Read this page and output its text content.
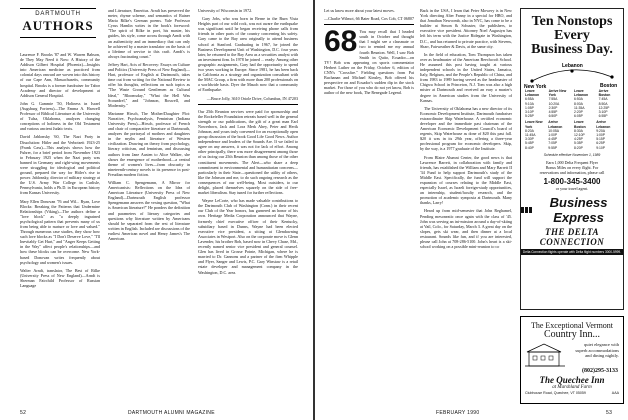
DARTMOUTH
AUTHORS

Laurence F. Brooks '87 and W. Warren Babson, de They May Need it Now: A History of the Addison Gilbert Hospital (Phoenix)—Insights into American medicine as practiced from colonial days onward are woven into this history of our Cape Ann, Massachusetts, community hospital. Brooks is a former fundraiser for Tabor Academy and director of development at Addison General Hospital.

John G. Gammie '50, Holiness in Israel (Augsburg Fortress)—The Emma A. Harwell Professor of Biblical Literature at the University of Tulsa, Oklahoma, analyzes changing conceptions of holiness in the Old Testament and various ancient Judaic texts.

David Jablonsky '60, The Nazi Party in Dissolution: Hitler and the Verbotzeit 1923-25 (Frank Cass)—This analysis shows how the Fuhrer, for a brief period from November 1923 to February 1925 when the Nazi party was banned in Germany and right-wing movements were struggling for ideological and political ground, prepared the way for Hitler's rise to power. Jablonsky, director of military strategy at the U.S. Army War College in Carlisle, Pennsylvania, holds a Ph.D. in European history from Kansas University.

Mary Ellen Donovan '76 and Wil... Ryan, Love Blocks: Breaking the Patterns that Undermine Relationships (Viking)—The authors define a "love block" as "a deeply ingrained psychological pattern that prevents many of us from being able to nurture or love and valued." Through numerous case studies, they show how such love blocks as "I Don't Deserve Love," "I'll Inevitably Get Hurt," and "Anger Keeps Getting in the Way" affect people's relationships—and how these blocks can be overcome. New York-based Donovan writes frequently about psychology and women's issues.

Walter Arndt, translator, The Best of Rilke (University Press of New England)—Arndt is Sherman Fairchild Professor of Russian Language

and Literature, Emeritus. Arndt has preserved the meter, rhyme scheme, and semantics of Rainer Maria Rilke's German poems. Yale Professor Cyrus Hamlin writes in the book's foreword: "The spirit of Rilke in poet, his master, his guides, his style, come across through Arndt with an authenticity and an immediacy that can only be achieved by a master translator on the basis of a lifetime of service to this craft. Arndt's is always fascinating count."

Jeffrey Hart, Acts of Recovery: Essays on Culture and Politics (University Press of New England)—Hart, professor of English at Dartmouth, takes time out from writing for the National Review to offer his thoughts, reflections on such topics as "The Waste Ground Gentlemen as Cultural Ideal," "Bloomsday," "What the Hell Was Scoundrel," and "Johnson, Boswell, and Modernity."

Marianne Hirsch, The Mother/Daughter Plot: Narrative, Psychoanalysis, Feminism (Indiana University Press)—Hirsch, professor of French and chair of comparative literature at Dartmouth, analyzes the portrayal of mothers and daughters in the myths and literature of Western civilization. Drawing on theory from psychology, literary criticism, and feminism, and discussing authors from Jane Austen to Alice Walker, she shows the emergence of motherhood—a central theme of women's lives—from obscurity in nineteenth-century novels to its presence in post-Freudian modern fiction.

William C. Spengemann, A Mirror for Americanists: Reflections on the Idea of American Literature (University Press of New England)—Dartmouth English professor Spengemann answers the vexing question, "What is American literature?" He ponders the definition and parameters of literary categories and questions why literature written by Americans should be separated from the rest of literature written in English. Included are discussions of the earliest American novel and Henry James's The American.

University of Wisconsin in 1972.

Gary Jobs, who was born in Berne in the Burn Vista Heights part of our wild rock, was not aware the earthquake was significant until he began receiving phone calls from friends in other parts of the country concerning his safety. Gary came to the Bay area originally to attend business school at Stanford. Graduating in 1967, he joined the Business Development Unit of Washington, D.C. four years later, he returned to the Bay Area as a securities analyst with an investment firm. In 1978 he joined ... ready: Among other geographic assignments, Gary had the opportunity to spend two years working in Europe. Since 1981, he has been back in California as a strategy and organization consultant with the MAC Group, a firm with more than 200 professionals on a worldwide basis. Dyer the Mauch now that a community of Earthquake.

—Bruce Jolly, 3610 Oriole Drive, Columbus, IN 47203

Our 25th Reunion services were paid for sponsorship and the Rockefeller Foundation retreats based well in the general strength or our publications, the gift of a great man Earl Nowerhorn, Jack and Lora Merk Ahey, Peter and Herik Johnson, and yours truly convened for an exceptionally open group discussion of the book Good Life Good News. Author independence and leaders of the Sounds Are. If we failed to agree on any answers, it was not for lack of effort. Among other principally, there was more disagreement among those of us facing our 25th Reunion than among those of the other constituent movements. The Alert—who share a deep commitment to environmental and humanitarian concerns—particularly in their State—questioned the utility of others, like the Johnson and me, to do such ongoing research as the consequences of our well-being. Most outsiders, to our delight, placed themselves squarely on the side of free-market liberalism. Stay tuned for further reflections.

Wayne LeCorte, who has made valuable contributions to the Dartmouth Club of Washington (Conn.) in their recent our Club of the Year honors, has garnered an honor of his own. Heritage Media Corporation announced that Wayne, formerly chief executive officer of their Kentucky, subsidiary based in Dunns, Wayne had been elected executive vice president, a sitting at Glendawning Associates in Westport. Also on the corporate move is Glenn Lavender, his brother Bob, based now in Chevy Chase, Md., recently named senior vice president and general counsel. Glen has lived in Grosse Pointe, Michigan, where he is married to Dr. Gannons and a partner of the firm Whipple and Flyer, Sanger and Lewis, P.C. Gary Winstaw is a retail estate developer and management company in the Washington, D.C. area.

52	DARTMOUTH ALUMNI MAGAZINE

Let us know more about your latest moves.

—Charlie Wilmot, 66 Bater Road, Cos Cob, CT 06807

68 You may recall that I headed south in October and thought that I might see a classmate or two to remind me my annual fourth Reunion. Well, I saw Bob Smith in Quito, Ecuador—on TV! Bob was appearing on sports commentator Herbert Luther on the Friday, October 6, edition of CNN's "Crossfire." Fielding questions from Pat Buchanan and Michael Kinsley, Bob offered his perspective on and Ecuador's sudden dip in the stock market. For those of you who do not yet know, Bob is author of the new book, The Renegade Legend.

Back in the USA, I learn that Peter Mowery is in New York directing Alter Fanny in a special for HBO, and that Jonathan Newcomb, also in NYC, has come to be a builder at Simon & Schuster, the publishers, to executive vice president. Attorney Noel Augustyn has left his term with the Justice Ridegate in Washington, D.C., and has returned to private practice, with Stevens, Sharr, Fairweather & Davis, at the same city.

In the field of education, Tom Thompson has taken over as headmaster of the American Beechcroft School. He assumed this post having taught at various independent schools in the United States, Jamaica, Italy, Belgium, and the People's Republic of China, and from 1983 to 1989 having served as the headmaster of Chigwa School in Princeton, N.J. Tom was also a high mister at Dartmouth and received an eary a master's degree in American studies from the University of Kansas.

The University of Oklahoma has a new director of its Economic Development Institute, Dartmouth fundraiser extraordinaire Skip Waterhouse. A certified economic developer and the immediate past chairman of the American Economic Development Council's board of regents, Skip Waterhouse as done of $20 this past fall. $20 it was in its 29th year, offering a three-year professional program for economic developers. Skip, by the way, is a 1977 graduate of the Institute.

From Blaire Alumni Center, the good news is that Lawrence Barrett, in collaboration with family and friends, has established the William and Mary Barrett II '34 Fund to help support Dartmouth's study of the Middle East. Specifically, the fund will support the expansion of courses relating to the Middle East, especially Israel, as Israeli foreign-study opportunities, an internship, student/faculty research, and the promotion of academic symposia at Dartmouth. Many thanks, Larry!

Heard up from mid-semester that John Reghamel, Pending mesoneatic once again with the class of '45. John was serving an ini-mission around a day-of-skiing at Vail, Colo., for Saturday, March 3. A great day on the slopes, gets ski wear, and then dinner at a local restaurant. Sounds like fun, and if you are interested, please call John at 708-286-5100. John's heart is a ski-school working on a possible mini-reunion to co

Ten Nonstops
Every
Business Day.
New York
Lebanon
Boston
Leave Lebanon	Arrive New York
6:55A	7:55A
9:10A	10:20A
1:05P	2:30P
3:10P	4:55P
5:25P	6:50P
Leave New York	Arrive Lebanon
8:20A	10:05A
11:45A	1:00P
3:30P	4:45P
5:45P	7:05P
8:40P	9:55P
Leave Lebanon	Arrive Boston
6:50A	7:45A
8:00A	8:50A
11:35A	12:25P
2:20P	3:10P
6:05P	6:55P
Leave Boston	Arrive Lebanon
8:30A	9:20A
12:10P	1:00P
4:25P	5:15P
5:35P	6:25P
8:20P	9:10P
Schedule effective November 1, 1989
Earn 1,000 Delta Frequent Flyer
Bonus Miles on every flight. For
reservations and information, please call
1-800-345-3400
or your travel agent.
Business Express
THE DELTA CONNECTION
Delta Connection flights operate with Delta flight numbers 3000-5999.
The Exceptional Vermont
Country Inn...
quiet elegance with
superb accommodations
and dining nightly.
(802)295-3133
The Quechee Inn
at Marshland Farm
Clubhouse Road, Quechee, VT 05059	AAA
FEBRUARY 1990	53
